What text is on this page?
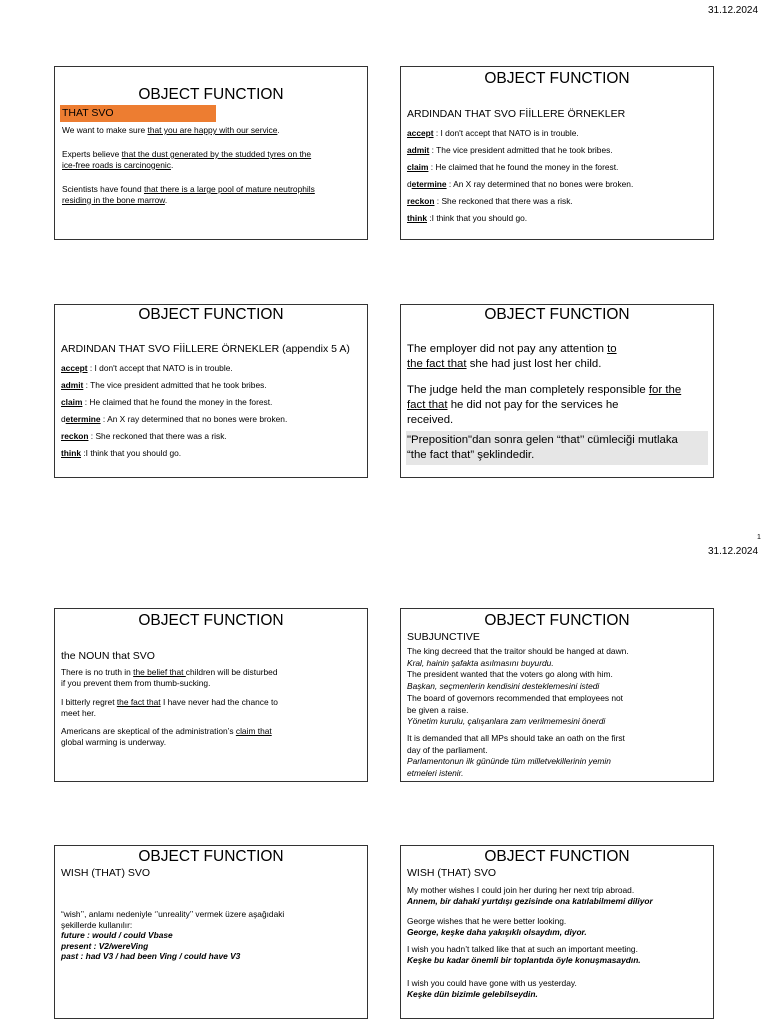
31.12.2024
31.12.2024
1
OBJECT FUNCTION
THAT SVO
We want to make sure that you are happy with our service.
Experts believe that the dust generated by the studded tyres on the
ice-free roads is carcinogenic.
Scientists have found that there is a large pool of mature neutrophils
residing in the bone marrow.
OBJECT FUNCTION
ARDINDAN THAT SVO FİİLLERE ÖRNEKLER
accept : I don't accept that NATO is in trouble.
admit : The vice president admitted that he took bribes.
claim : He claimed that he found the money in the forest.
determine : An X ray determined that no bones were broken.
reckon : She reckoned that there was a risk.
think :I think that you should go.
OBJECT FUNCTION
ARDINDAN THAT SVO FİİLLERE ÖRNEKLER (appendix 5 A)
accept : I don't accept that NATO is in trouble.
admit : The vice president admitted that he took bribes.
claim : He claimed that he found the money in the forest.
determine : An X ray determined that no bones were broken.
reckon : She reckoned that there was a risk.
think :I think that you should go.
OBJECT FUNCTION
The employer did not pay any attention to
the fact that she had just lost her child.
The judge held the man completely responsible for the
fact that he did not pay for the services he
received.
"Preposition"dan sonra gelen “that’’ cümleciği mutlaka
“the fact that” şeklindedir.
OBJECT FUNCTION
the NOUN that SVO
There is no truth in the belief that children will be disturbed
if you prevent them from thumb-sucking.
I bitterly regret the fact that I have never had the chance to
meet her.
Americans are skeptical of the administration’s claim that
global warming is underway.
OBJECT FUNCTION
SUBJUNCTIVE
The king decreed that the traitor should be hanged at dawn.
Kral, hainin şafakta asılmasını buyurdu.
The president wanted that the voters go along with him.
Başkan, seçmenlerin kendisini desteklemesini istedi
The board of governors recommended that employees not
be given a raise.
Yönetim kurulu, çalışanlara zam verilmemesini önerdi
It is demanded that all MPs should take an oath on the first
day of the parliament.
Parlamentonun ilk gününde tüm milletvekillerinin yemin
etmeleri istenir.
OBJECT FUNCTION
WISH (THAT) SVO
“wish’’, anlamı nedeniyle ‘’unreality’’ vermek üzere aşağıdaki
şekillerde kullanılır:
future : would / could Vbase
present : V2/wereVing
past : had V3 / had been Ving / could have V3
OBJECT FUNCTION
WISH (THAT) SVO
My mother wishes I could join her during her next trip abroad.
Annem, bir dahaki yurtdışı gezisinde ona katılabilmemi diliyor
George wishes that he were better looking.
George, keşke daha yakışıklı olsaydım, diyor.
I wish you hadn’t talked like that at such an important meeting.
Keşke bu kadar önemli bir toplantıda öyle konuşmasaydın.
I wish you could have gone with us yesterday.
Keşke dün bizimle gelebilseydin.
